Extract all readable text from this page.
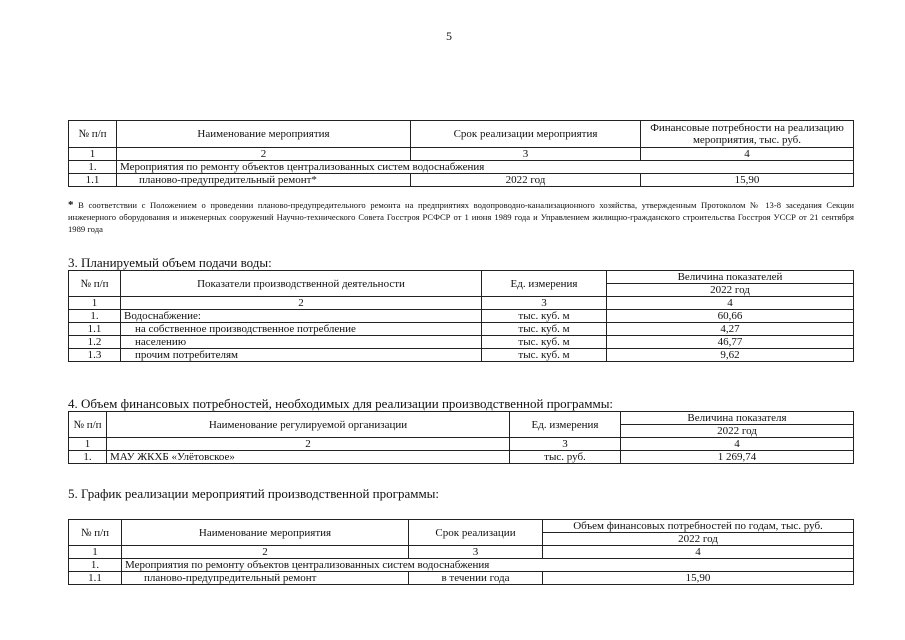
5
№ п/п	Наименование мероприятия	Срок реализации мероприятия	Финансовые потребности на реализацию мероприятия, тыс. руб.
1	2	3	4
1.	Мероприятия по ремонту объектов централизованных систем водоснабжения		
1.1	планово-предупредительный ремонт*	2022 год	15,90
* В соответствии с Положением о проведении планово-предупредительного ремонта на предприятиях водопроводно-канализационного хозяйства, утвержденным Протоколом № 13-8 заседания Секции инженерного оборудования и инженерных сооружений Научно-технического Совета Госстроя РСФСР от 1 июня 1989 года и Управлением жилищно-гражданского строительства Госстроя УССР от 21 сентября 1989 года
3. Планируемый объем подачи воды:
№ п/п	Показатели производственной деятельности	Ед. измерения	Величина показателей
			2022 год
1	2	3	4
1.	Водоснабжение:	тыс. куб. м	60,66
1.1	на собственное производственное потребление	тыс. куб. м	4,27
1.2	населению	тыс. куб. м	46,77
1.3	прочим потребителям	тыс. куб. м	9,62
4. Объем финансовых потребностей, необходимых для реализации производственной программы:
№ п/п	Наименование регулируемой организации	Ед. измерения	Величина показателя
			2022 год
1	2	3	4
1.	МАУ ЖКХБ «Улётовское»	тыс. руб.	1 269,74
5. График реализации мероприятий производственной программы:
№ п/п	Наименование мероприятия	Срок реализации	Объем финансовых потребностей по годам, тыс. руб.
			2022 год
1	2	3	4
1.	Мероприятия по ремонту объектов централизованных систем водоснабжения		
1.1	планово-предупредительный ремонт	в течении года	15,90
